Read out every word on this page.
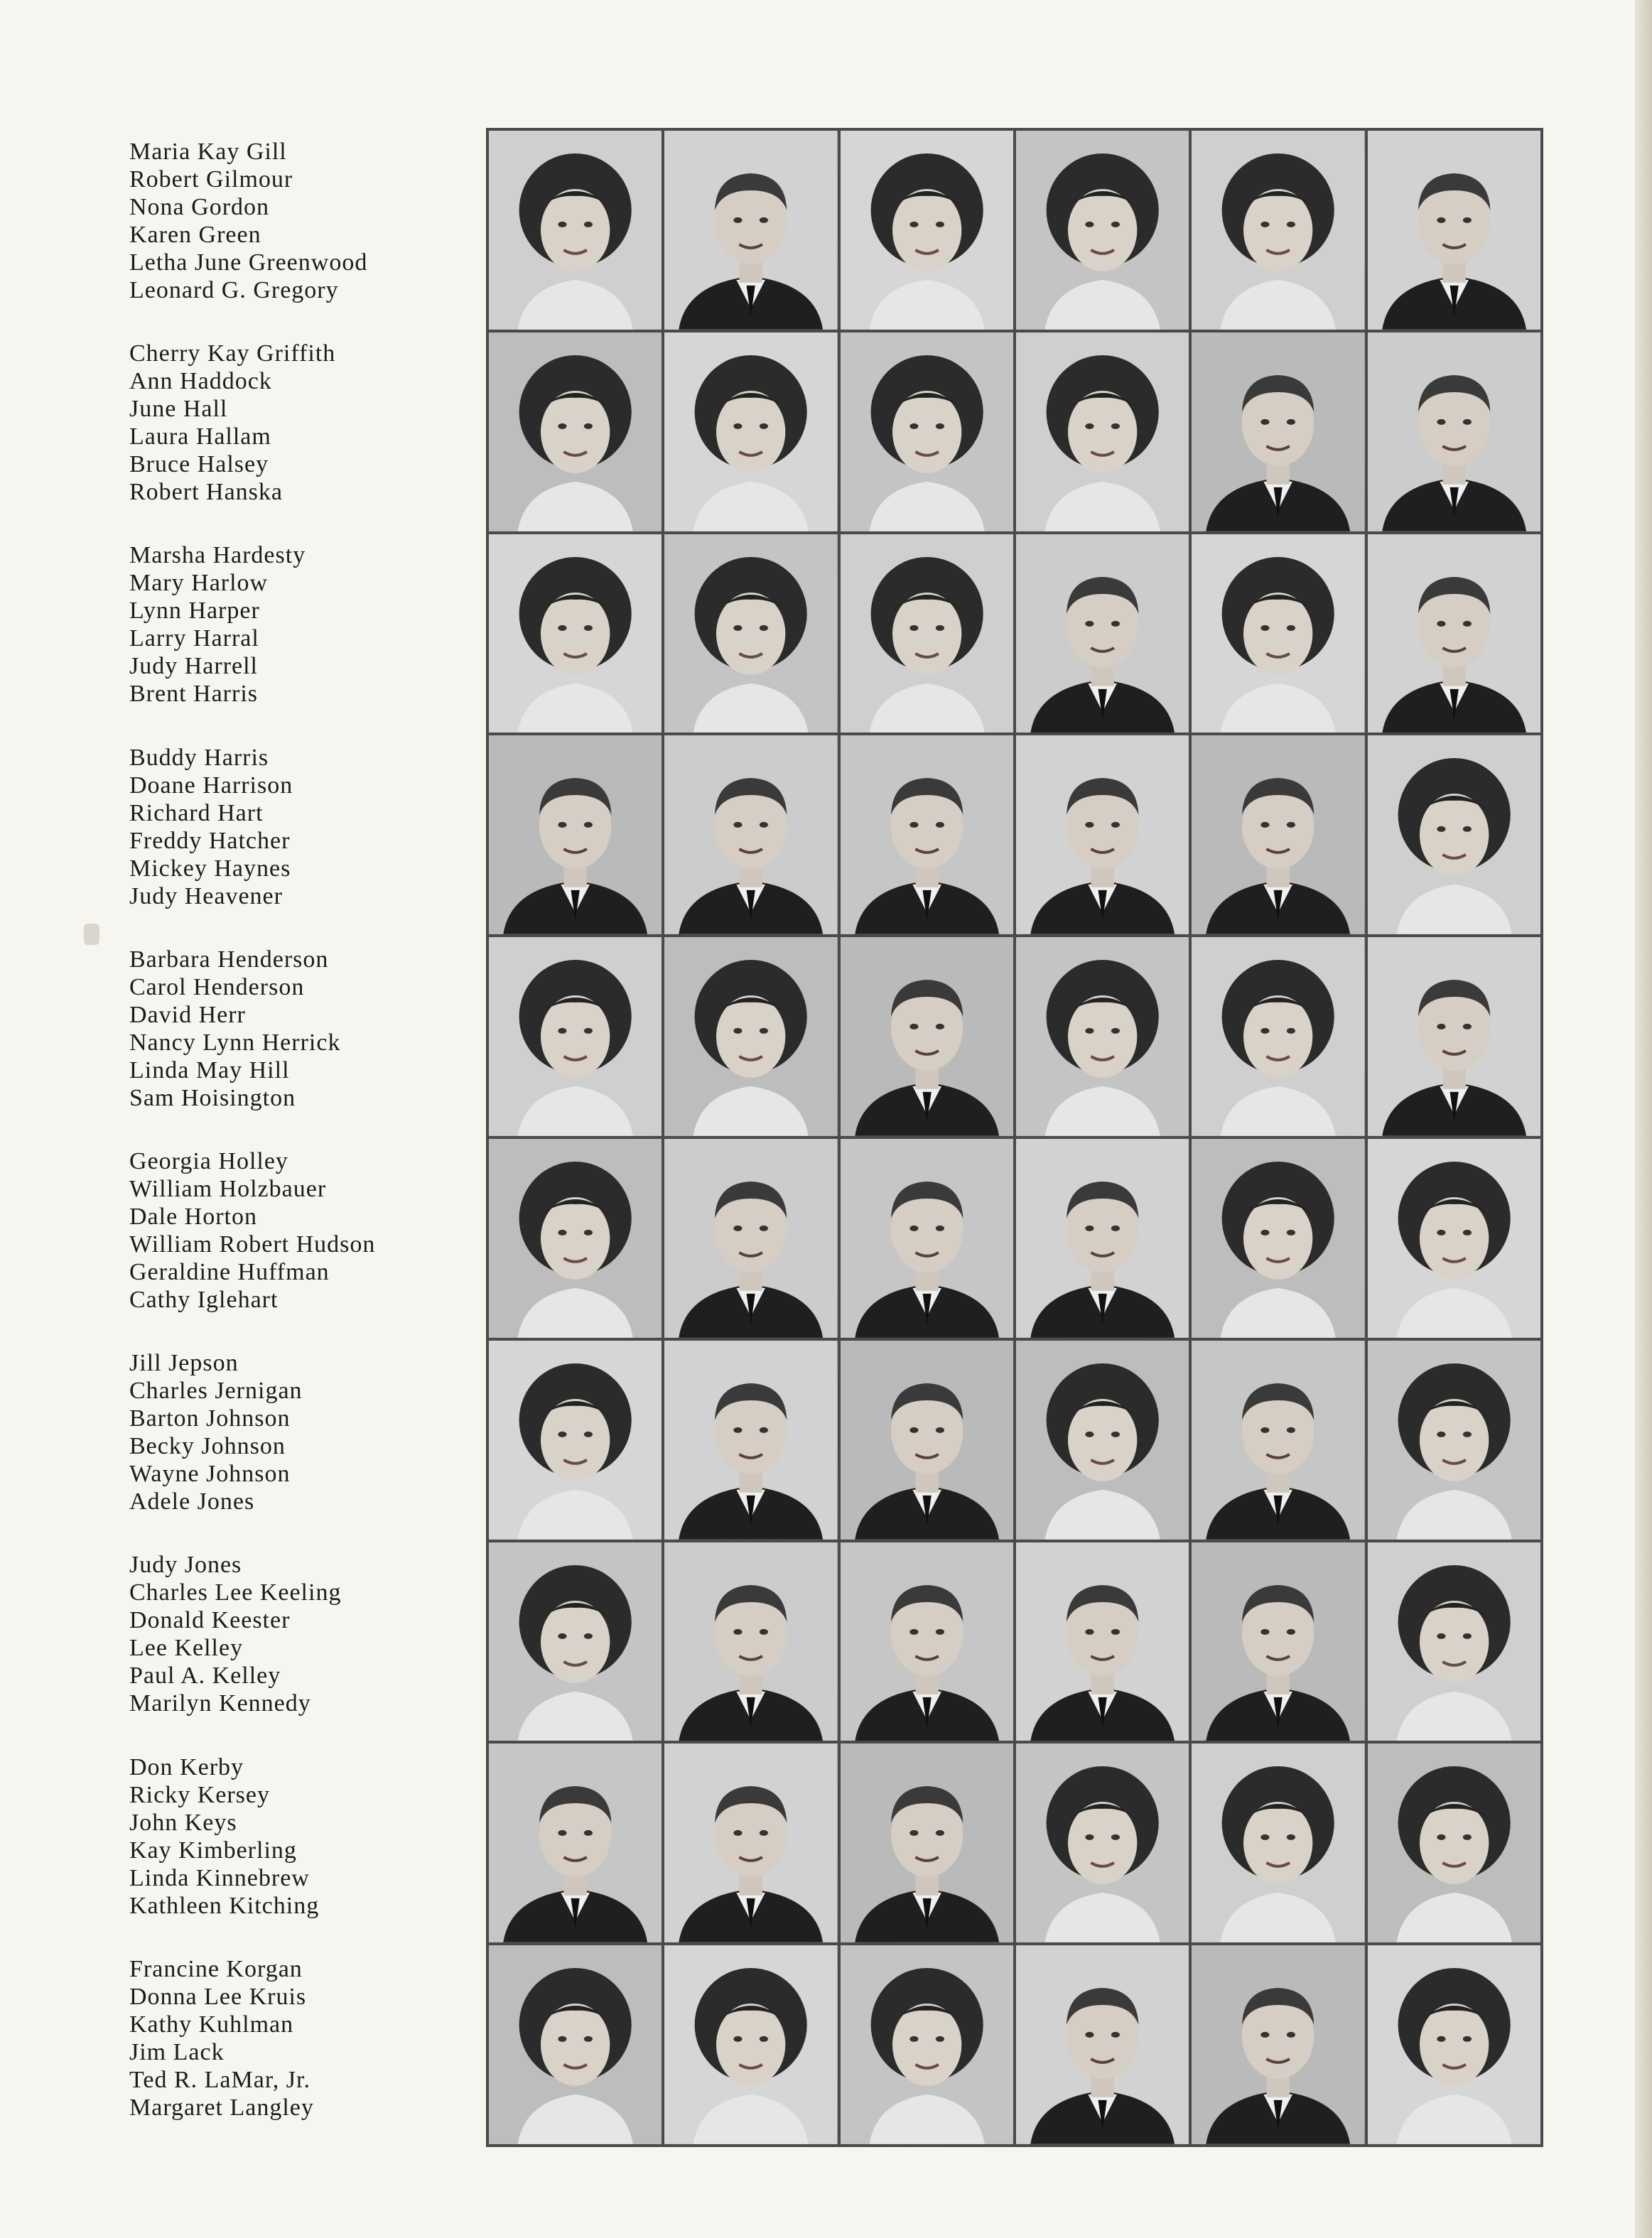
Maria Kay Gill
Robert Gilmour
Nona Gordon
Karen Green
Letha June Greenwood
Leonard G. Gregory
Cherry Kay Griffith
Ann Haddock
June Hall
Laura Hallam
Bruce Halsey
Robert Hanska
Marsha Hardesty
Mary Harlow
Lynn Harper
Larry Harral
Judy Harrell
Brent Harris
Buddy Harris
Doane Harrison
Richard Hart
Freddy Hatcher
Mickey Haynes
Judy Heavener
Barbara Henderson
Carol Henderson
David Herr
Nancy Lynn Herrick
Linda May Hill
Sam Hoisington
Georgia Holley
William Holzbauer
Dale Horton
William Robert Hudson
Geraldine Huffman
Cathy Iglehart
Jill Jepson
Charles Jernigan
Barton Johnson
Becky Johnson
Wayne Johnson
Adele Jones
Judy Jones
Charles Lee Keeling
Donald Keester
Lee Kelley
Paul A. Kelley
Marilyn Kennedy
Don Kerby
Ricky Kersey
John Keys
Kay Kimberling
Linda Kinnebrew
Kathleen Kitching
Francine Korgan
Donna Lee Kruis
Kathy Kuhlman
Jim Lack
Ted R. LaMar, Jr.
Margaret Langley
